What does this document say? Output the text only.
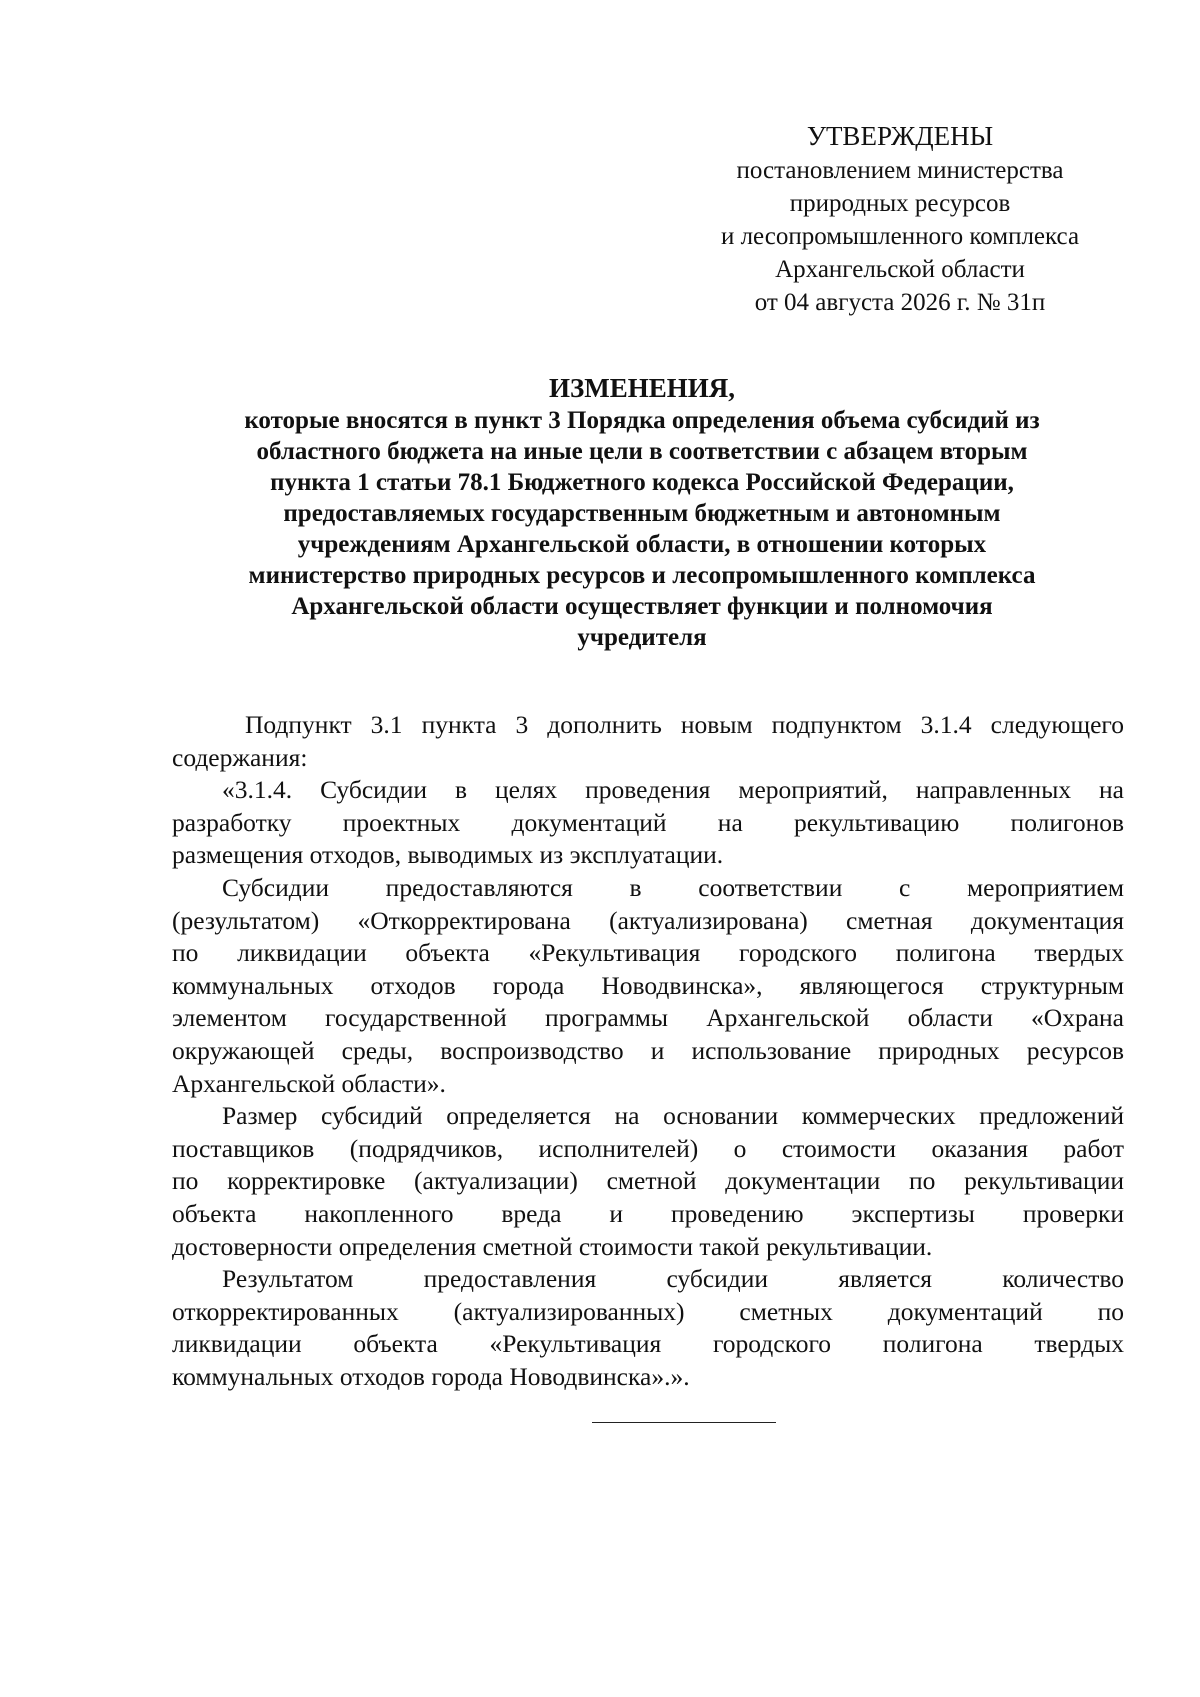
УТВЕРЖДЕНЫ
постановлением министерства
природных ресурсов
и лесопромышленного комплекса
Архангельской области
от 04 августа 2026 г. № 31п
ИЗМЕНЕНИЯ,
которые вносятся в пункт 3 Порядка определения объема субсидий из
областного бюджета на иные цели в соответствии с абзацем вторым
пункта 1 статьи 78.1 Бюджетного кодекса Российской Федерации,
предоставляемых государственным бюджетным и автономным
учреждениям Архангельской области, в отношении которых
министерство природных ресурсов и лесопромышленного комплекса
Архангельской области осуществляет функции и полномочия
учредителя
Подпункт 3.1 пункта 3 дополнить новым подпунктом 3.1.4 следующего
содержания:
«3.1.4. Субсидии в целях проведения мероприятий, направленных на
разработку проектных документаций на рекультивацию полигонов
размещения отходов, выводимых из эксплуатации.
Субсидии предоставляются в соответствии с мероприятием
(результатом) «Откорректирована (актуализирована) сметная документация
по ликвидации объекта «Рекультивация городского полигона твердых
коммунальных отходов города Новодвинска», являющегося структурным
элементом государственной программы Архангельской области «Охрана
окружающей среды, воспроизводство и использование природных ресурсов
Архангельской области».
Размер субсидий определяется на основании коммерческих предложений
поставщиков (подрядчиков, исполнителей) о стоимости оказания работ
по корректировке (актуализации) сметной документации по рекультивации
объекта накопленного вреда и проведению экспертизы проверки
достоверности определения сметной стоимости такой рекультивации.
Результатом предоставления субсидии является количество
откорректированных (актуализированных) сметных документаций по
ликвидации объекта «Рекультивация городского полигона твердых
коммунальных отходов города Новодвинска».».
